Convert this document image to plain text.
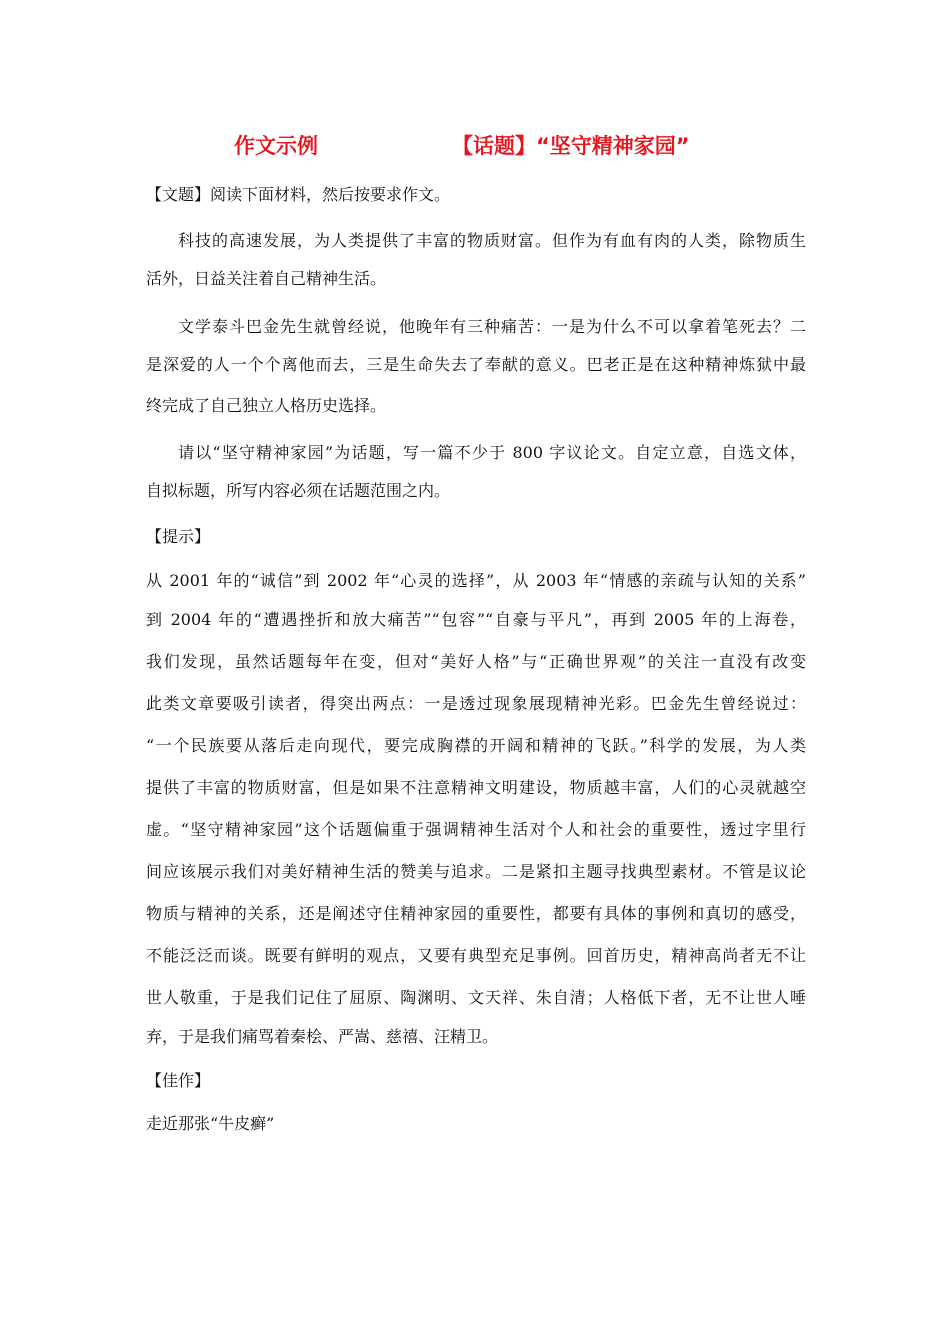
作文示例	【话题】“坚守精神家园”
【文题】阅读下面材料，然后按要求作文。
科技的高速发展，为人类提供了丰富的物质财富。但作为有血有肉的人类，除物质生
活外，日益关注着自己精神生活。
文学泰斗巴金先生就曾经说，他晚年有三种痛苦：一是为什么不可以拿着笔死去？二
是深爱的人一个个离他而去，三是生命失去了奉献的意义。巴老正是在这种精神炼狱中最
终完成了自己独立人格历史选择。
请以“坚守精神家园”为话题，写一篇不少于 800 字议论文。自定立意，自选文体，
自拟标题，所写内容必须在话题范围之内。
【提示】
从 2001 年的“诚信”到 2002 年“心灵的选择”，从 2003 年“情感的亲疏与认知的关系”
到 2004 年的“遭遇挫折和放大痛苦”“包容”“自豪与平凡”，再到 2005 年的上海卷，
我们发现，虽然话题每年在变，但对“美好人格”与“正确世界观”的关注一直没有改变
此类文章要吸引读者，得突出两点：一是透过现象展现精神光彩。巴金先生曾经说过：
“一个民族要从落后走向现代，要完成胸襟的开阔和精神的飞跃。”科学的发展，为人类
提供了丰富的物质财富，但是如果不注意精神文明建设，物质越丰富，人们的心灵就越空
虚。“坚守精神家园”这个话题偏重于强调精神生活对个人和社会的重要性，透过字里行
间应该展示我们对美好精神生活的赞美与追求。二是紧扣主题寻找典型素材。不管是议论
物质与精神的关系，还是阐述守住精神家园的重要性，都要有具体的事例和真切的感受，
不能泛泛而谈。既要有鲜明的观点，又要有典型充足事例。回首历史，精神高尚者无不让
世人敬重，于是我们记住了屈原、陶渊明、文天祥、朱自清；人格低下者，无不让世人唾
弃，于是我们痛骂着秦桧、严嵩、慈禧、汪精卫。
【佳作】
走近那张“牛皮癣”
